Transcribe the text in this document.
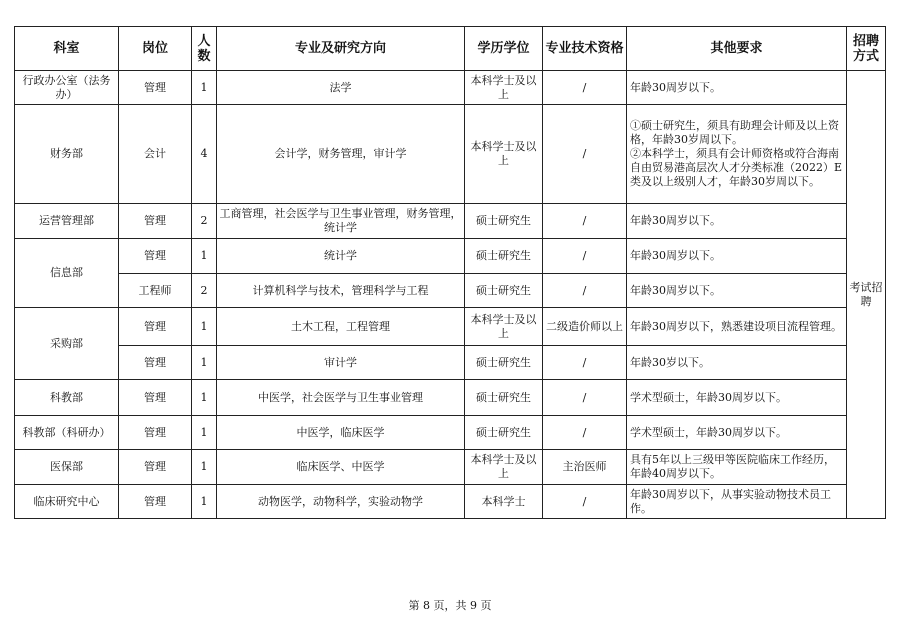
科室	岗位	人数	专业及研究方向	学历学位	专业技术资格	其他要求	招聘方式
行政办公室（法务办）	管理	1	法学	本科学士及以上	/	年龄30周岁以下。	考试招聘
财务部	会计	4	会计学，财务管理，审计学	本科学士及以上	/	①硕士研究生，须具有助理会计师及以上资格，年龄30岁周以下。
②本科学士，须具有会计师资格或符合海南自由贸易港高层次人才分类标准（2022）E类及以上级别人才，年龄30岁周以下。	

运营管理部	管理	2	工商管理，社会医学与卫生事业管理，财务管理，统计学	硕士研究生	/	年龄30周岁以下。	
信息部	管理	1	统计学	硕士研究生	/	年龄30周岁以下。	
	工程师	2	计算机科学与技术，管理科学与工程	硕士研究生	/	年龄30周岁以下。	
采购部	管理	1	土木工程，工程管理	本科学士及以上	二级造价师以上	年龄30周岁以下，熟悉建设项目流程管理。	
	管理	1	审计学	硕士研究生	/	年龄30岁以下。	
科教部	管理	1	中医学，社会医学与卫生事业管理	硕士研究生	/	学术型硕士，年龄30周岁以下。	
科教部（科研办）	管理	1	中医学，临床医学	硕士研究生	/	学术型硕士，年龄30周岁以下。	
医保部	管理	1	临床医学、中医学	本科学士及以上	主治医师	具有5年以上三级甲等医院临床工作经历，年龄40周岁以下。	
临床研究中心	管理	1	动物医学，动物科学，实验动物学	本科学士	/	年龄30周岁以下，从事实验动物技术员工作。	
第 8 页，共 9 页
